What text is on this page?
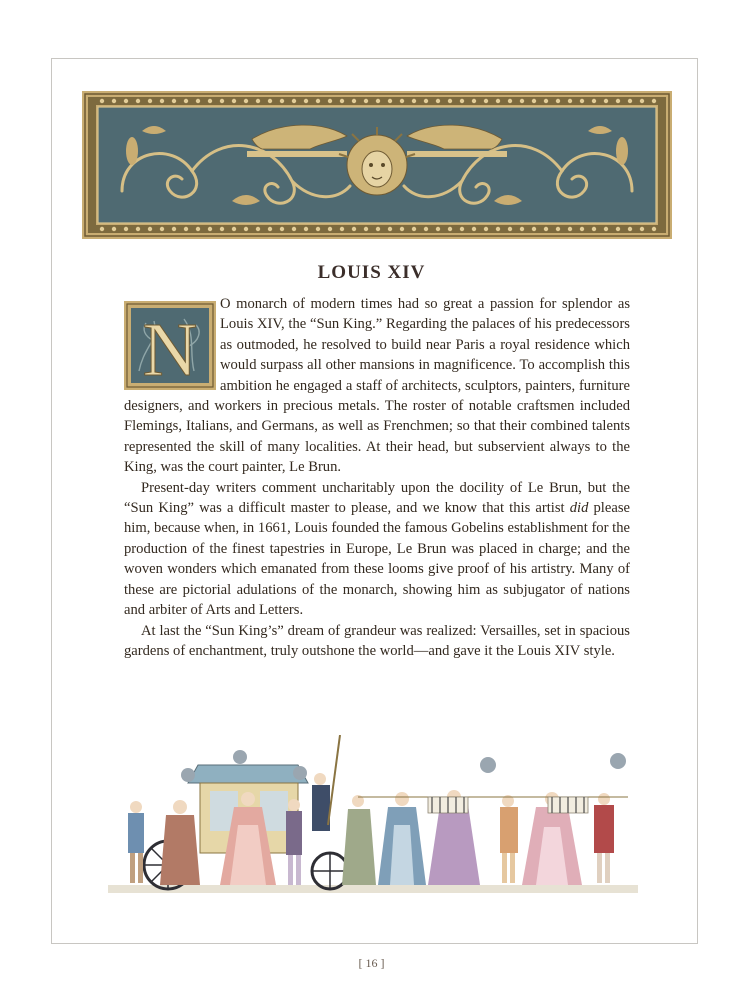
LOUIS XIV
N

O monarch of modern times had so great a passion for splendor as Louis XIV, the “Sun King.” Regarding the palaces of his predecessors as outmoded, he resolved to build near Paris a royal residence which would surpass all other mansions in magnificence. To accomplish this ambition he engaged a staff of architects, sculptors, painters, furniture designers, and workers in precious metals. The roster of notable craftsmen included Flemings, Italians, and Germans, as well as Frenchmen; so that their combined talents represented the skill of many localities. At their head, but subservient always to the King, was the court painter, Le Brun.

Present-day writers comment uncharitably upon the docility of Le Brun, but the “Sun King” was a difficult master to please, and we know that this artist did please him, because when, in 1661, Louis founded the famous Gobelins establishment for the production of the finest tapestries in Europe, Le Brun was placed in charge; and the woven wonders which emanated from these looms give proof of his artistry. Many of these are pictorial adulations of the monarch, showing him as subjugator of nations and arbiter of Arts and Letters.

At last the “Sun King’s” dream of grandeur was realized: Versailles, set in spacious gardens of enchantment, truly outshone the world—and gave it the Louis XIV style.

[ 16 ]
